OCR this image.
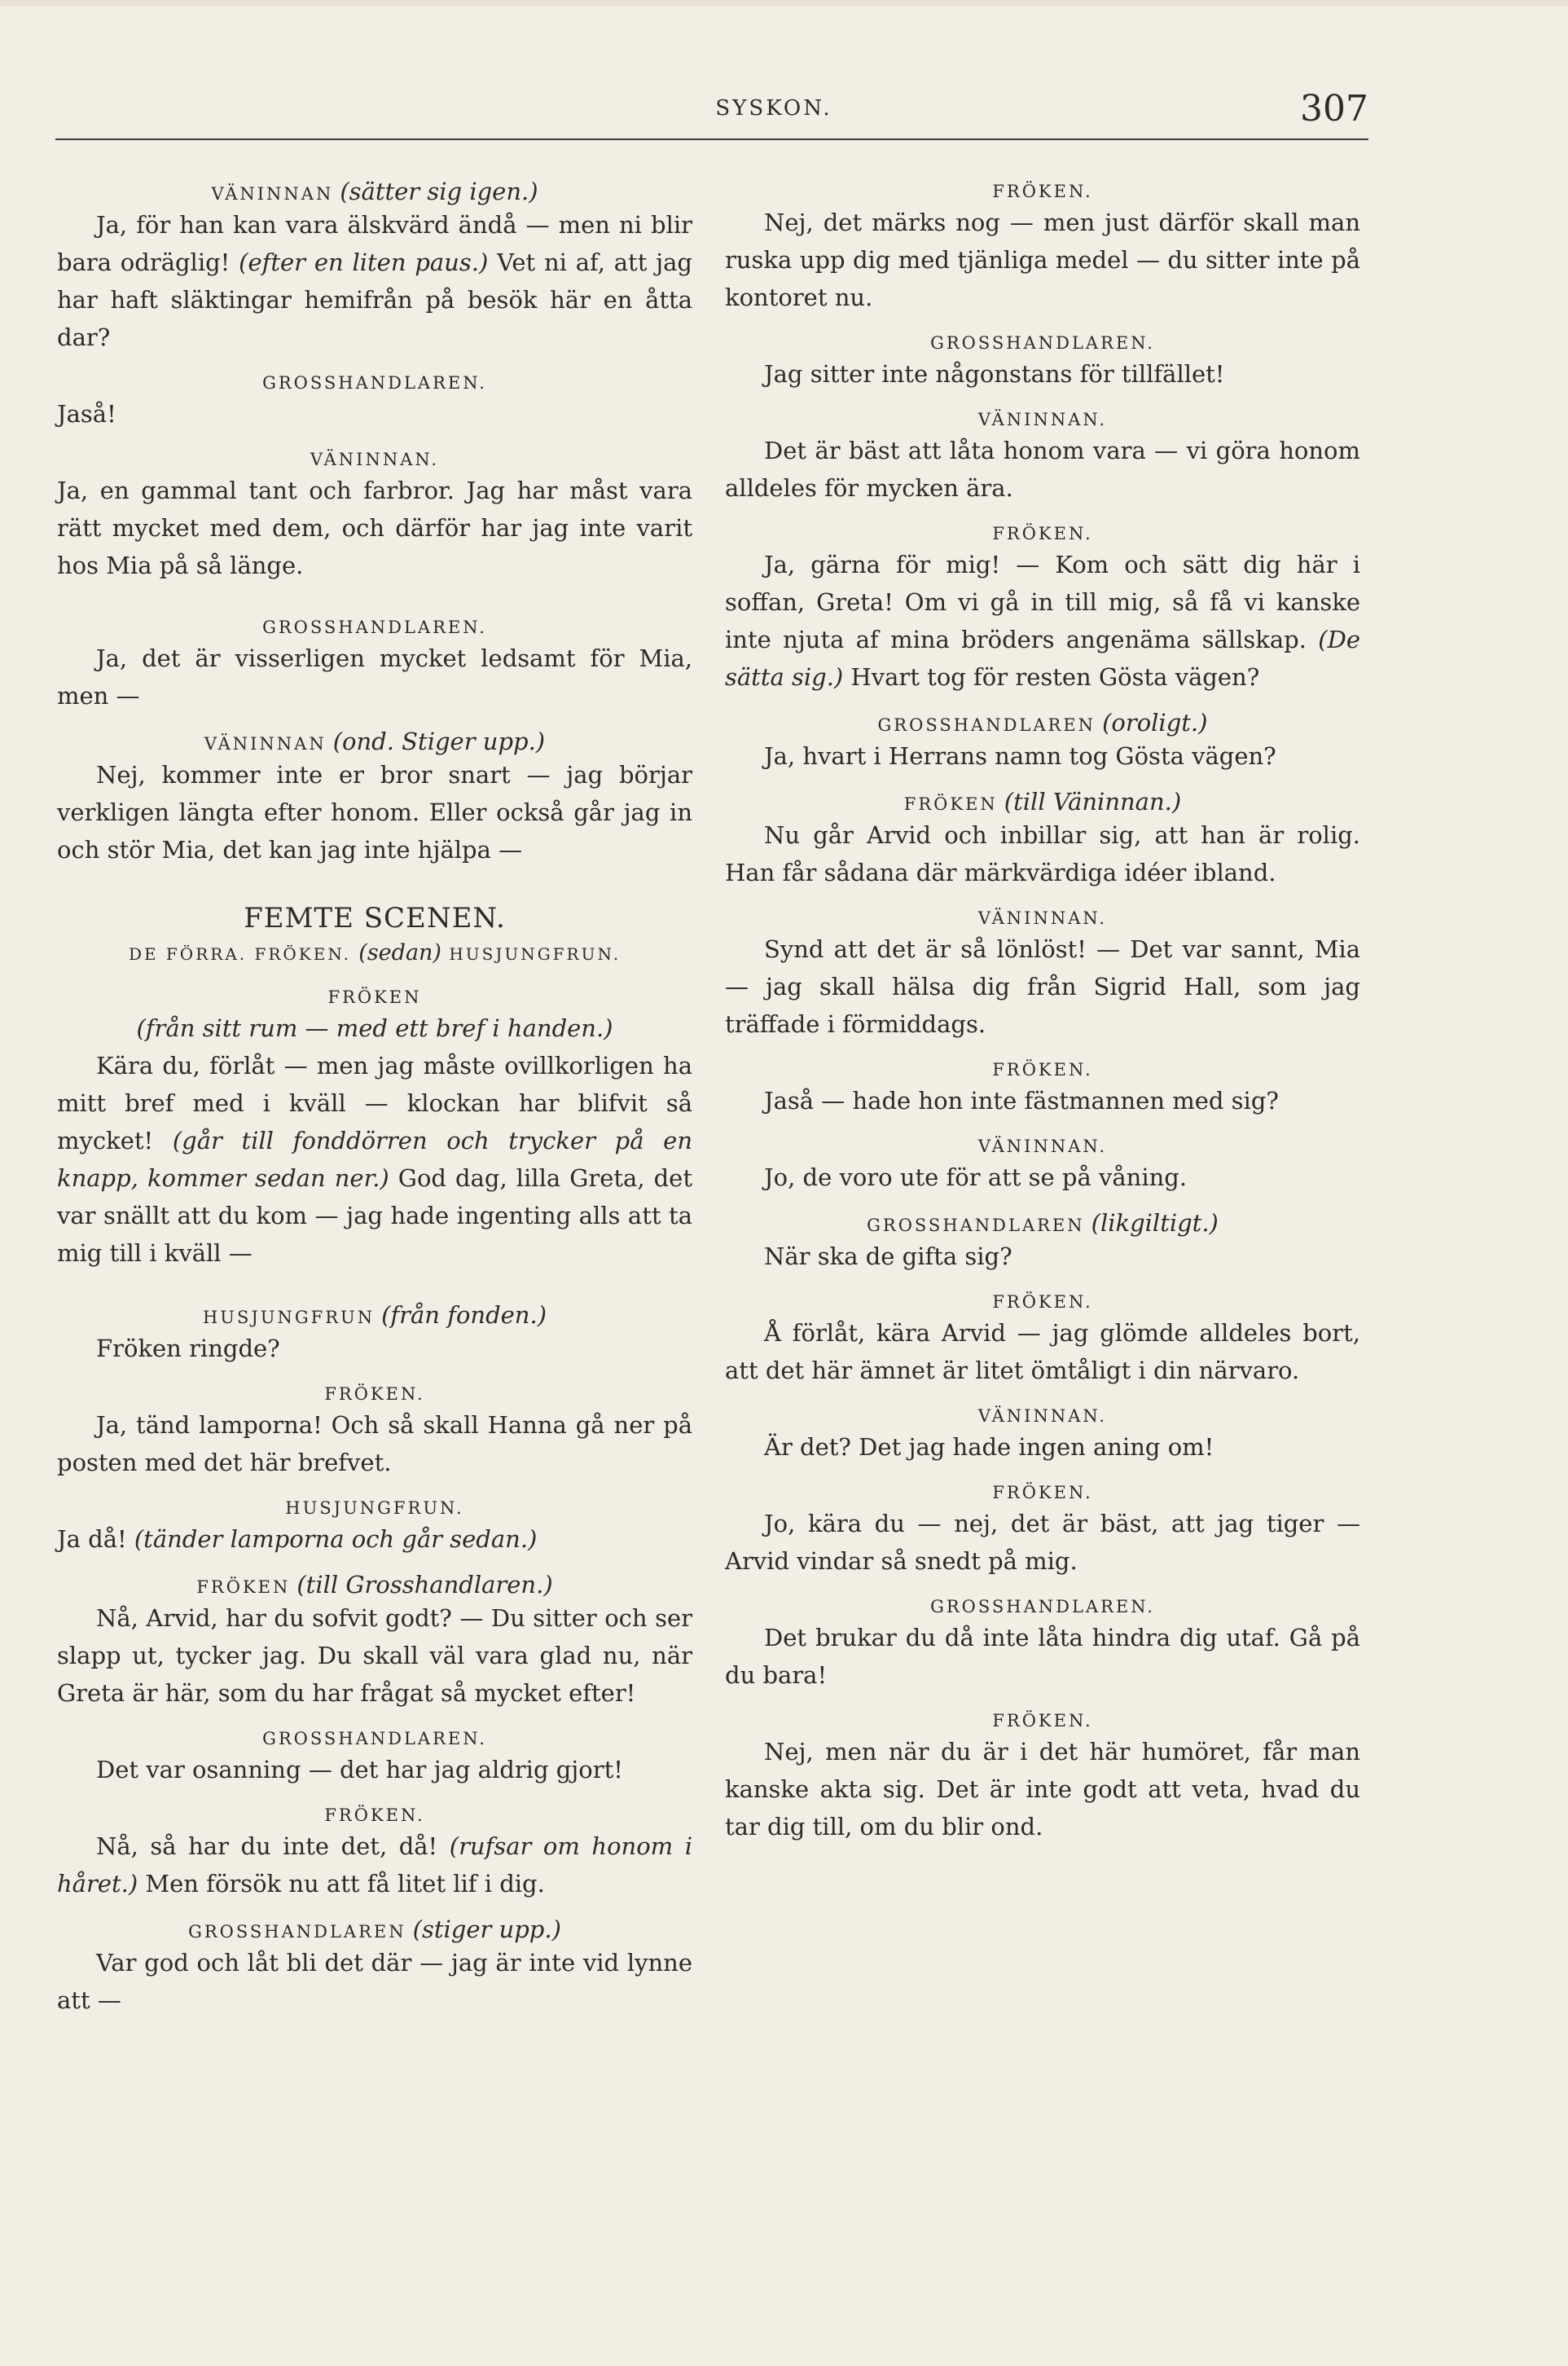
SYSKON.	307

VÄNINNAN (sätter sig igen.)

Ja, för han kan vara älskvärd ändå — men ni blir bara odräglig! (efter en liten paus.) Vet ni af, att jag har haft släktingar hemifrån på besök här en åtta dar?

GROSSHANDLAREN.

Jaså!

VÄNINNAN.

Ja, en gammal tant och farbror. Jag har måst vara rätt mycket med dem, och därför har jag inte varit hos Mia på så länge.

GROSSHANDLAREN.

Ja, det är visserligen mycket ledsamt för Mia, men —

VÄNINNAN (ond. Stiger upp.)

Nej, kommer inte er bror snart — jag börjar verkligen längta efter honom. Eller också går jag in och stör Mia, det kan jag inte hjälpa —

FEMTE SCENEN.

DE FÖRRA. FRÖKEN. (sedan) HUSJUNGFRUN.

FRÖKEN

(från sitt rum — med ett bref i handen.)

Kära du, förlåt — men jag måste ovillkorligen ha mitt bref med i kväll — klockan har blifvit så mycket! (går till fonddörren och trycker på en knapp, kommer sedan ner.) God dag, lilla Greta, det var snällt att du kom — jag hade ingenting alls att ta mig till i kväll —

HUSJUNGFRUN (från fonden.)

Fröken ringde?

FRÖKEN.

Ja, tänd lamporna! Och så skall Hanna gå ner på posten med det här brefvet.

HUSJUNGFRUN.

Ja då! (tänder lamporna och går sedan.)

FRÖKEN (till Grosshandlaren.)

Nå, Arvid, har du sofvit godt? — Du sitter och ser slapp ut, tycker jag. Du skall väl vara glad nu, när Greta är här, som du har frågat så mycket efter!

GROSSHANDLAREN.

Det var osanning — det har jag aldrig gjort!

FRÖKEN.

Nå, så har du inte det, då! (rufsar om honom i håret.) Men försök nu att få litet lif i dig.

GROSSHANDLAREN (stiger upp.)

Var god och låt bli det där — jag är inte vid lynne att —

FRÖKEN.

Nej, det märks nog — men just därför skall man ruska upp dig med tjänliga medel — du sitter inte på kontoret nu.

GROSSHANDLAREN.

Jag sitter inte någonstans för tillfället!

VÄNINNAN.

Det är bäst att låta honom vara — vi göra honom alldeles för mycken ära.

FRÖKEN.

Ja, gärna för mig! — Kom och sätt dig här i soffan, Greta! Om vi gå in till mig, så få vi kanske inte njuta af mina bröders angenäma sällskap. (De sätta sig.) Hvart tog för resten Gösta vägen?

GROSSHANDLAREN (oroligt.)

Ja, hvart i Herrans namn tog Gösta vägen?

FRÖKEN (till Väninnan.)

Nu går Arvid och inbillar sig, att han är rolig. Han får sådana där märkvärdiga idéer ibland.

VÄNINNAN.

Synd att det är så lönlöst! — Det var sannt, Mia — jag skall hälsa dig från Sigrid Hall, som jag träffade i förmiddags.

FRÖKEN.

Jaså — hade hon inte fästmannen med sig?

VÄNINNAN.

Jo, de voro ute för att se på våning.

GROSSHANDLAREN (likgiltigt.)

När ska de gifta sig?

FRÖKEN.

Å förlåt, kära Arvid — jag glömde alldeles bort, att det här ämnet är litet ömtåligt i din närvaro.

VÄNINNAN.

Är det? Det jag hade ingen aning om!

FRÖKEN.

Jo, kära du — nej, det är bäst, att jag tiger — Arvid vindar så snedt på mig.

GROSSHANDLAREN.

Det brukar du då inte låta hindra dig utaf. Gå på du bara!

FRÖKEN.

Nej, men när du är i det här humöret, får man kanske akta sig. Det är inte godt att veta, hvad du tar dig till, om du blir ond.
